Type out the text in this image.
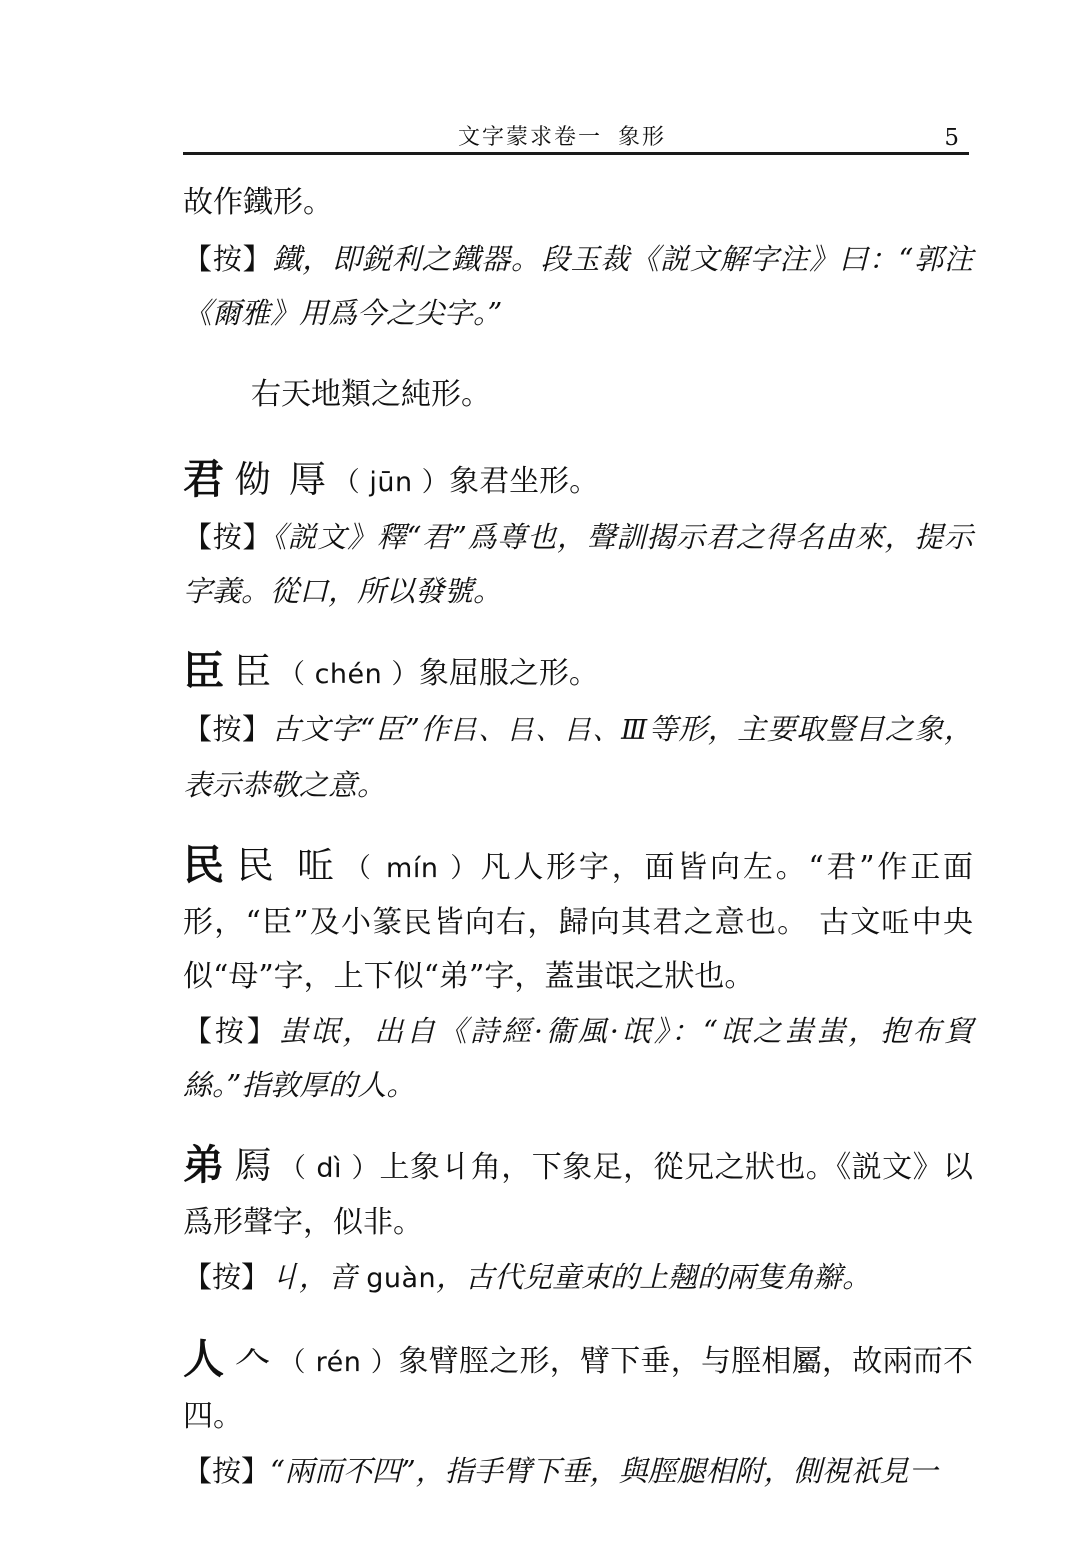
文字蒙求卷一 象形	5

故作鐵形。

【按】鐵，即鋭利之鐵器。段玉裁《説文解字注》曰：“郭注《爾雅》用爲今之尖字。”

右天地類之純形。

君 㑃 㕌 （ jūn ）象君坐形。

【按】《説文》釋“君”爲尊也，聲訓揭示君之得名由來，提示字義。從口，所以發號。

臣 臣 （ chén ）象屈服之形。

【按】古文字“臣”作㠯、㠯、㠯、Ⅲ等形，主要取豎目之象，表示恭敬之意。

民 民 𠰋 （ mín ）凡人形字，面皆向左。“君”作正面形，“臣”及小篆民皆向右，歸向其君之意也。 古文𠰋中央似“母”字，上下似“弟”字，蓋蚩氓之狀也。

【按】蚩氓，出自《詩經·衞風·氓》：“氓之蚩蚩，抱布貿絲。”指敦厚的人。

弟 㕐 （ dì ）上象丩角，下象足，從兄之狀也。《説文》以爲形聲字，似非。

【按】丩，音 guàn，古代兒童束的上翹的兩隻角辮。

人 𠆢 （ rén ）象臂脛之形，臂下垂，与脛相屬，故兩而不四。

【按】“兩而不四”，指手臂下垂，與脛腿相附，側視祇見一
